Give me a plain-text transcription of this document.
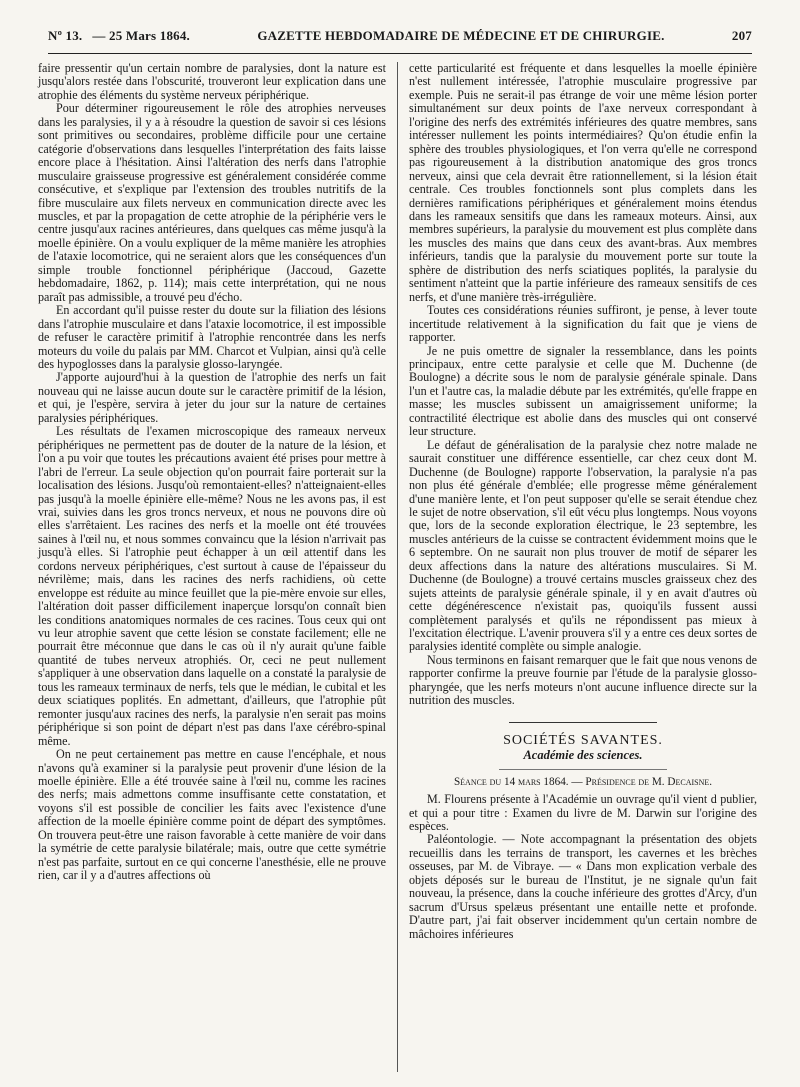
Nº 13. — 25 Mars 1864.	GAZETTE HEBDOMADAIRE DE MÉDECINE ET DE CHIRURGIE.	207

faire pressentir qu'un certain nombre de paralysies, dont la nature est jusqu'alors restée dans l'obscurité, trouveront leur explication dans une atrophie des éléments du système nerveux périphérique.

Pour déterminer rigoureusement le rôle des atrophies nerveuses dans les paralysies, il y a à résoudre la question de savoir si ces lésions sont primitives ou secondaires, problème difficile pour une certaine catégorie d'observations dans lesquelles l'interprétation des faits laisse encore place à l'hésitation. Ainsi l'altération des nerfs dans l'atrophie musculaire graisseuse progressive est généralement considérée comme consécutive, et s'explique par l'extension des troubles nutritifs de la fibre musculaire aux filets nerveux en communication directe avec les muscles, et par la propagation de cette atrophie de la périphérie vers le centre jusqu'aux racines antérieures, dans quelques cas même jusqu'à la moelle épinière. On a voulu expliquer de la même manière les atrophies de l'ataxie locomotrice, qui ne seraient alors que les conséquences d'un simple trouble fonctionnel périphérique (Jaccoud, Gazette hebdomadaire, 1862, p. 114); mais cette interprétation, qui ne nous paraît pas admissible, a trouvé peu d'écho.

En accordant qu'il puisse rester du doute sur la filiation des lésions dans l'atrophie musculaire et dans l'ataxie locomotrice, il est impossible de refuser le caractère primitif à l'atrophie rencontrée dans les nerfs moteurs du voile du palais par MM. Charcot et Vulpian, ainsi qu'à celle des hypoglosses dans la paralysie glosso-laryngée.

J'apporte aujourd'hui à la question de l'atrophie des nerfs un fait nouveau qui ne laisse aucun doute sur le caractère primitif de la lésion, et qui, je l'espère, servira à jeter du jour sur la nature de certaines paralysies périphériques.

Les résultats de l'examen microscopique des rameaux nerveux périphériques ne permettent pas de douter de la nature de la lésion, et l'on a pu voir que toutes les précautions avaient été prises pour mettre à l'abri de l'erreur. La seule objection qu'on pourrait faire porterait sur la localisation des lésions. Jusqu'où remontaient-elles? n'atteignaient-elles pas jusqu'à la moelle épinière elle-même? Nous ne les avons pas, il est vrai, suivies dans les gros troncs nerveux, et nous ne pouvons dire où elles s'arrêtaient. Les racines des nerfs et la moelle ont été trouvées saines à l'œil nu, et nous sommes convaincu que la lésion n'arrivait pas jusqu'à elles. Si l'atrophie peut échapper à un œil attentif dans les cordons nerveux périphériques, c'est surtout à cause de l'épaisseur du névrilème; mais, dans les racines des nerfs rachidiens, où cette enveloppe est réduite au mince feuillet que la pie-mère envoie sur elles, l'altération doit passer difficilement inaperçue lorsqu'on connaît bien les conditions anatomiques normales de ces racines. Tous ceux qui ont vu leur atrophie savent que cette lésion se constate facilement; elle ne pourrait être méconnue que dans le cas où il n'y aurait qu'une faible quantité de tubes nerveux atrophiés. Or, ceci ne peut nullement s'appliquer à une observation dans laquelle on a constaté la paralysie de tous les rameaux terminaux de nerfs, tels que le médian, le cubital et les deux sciatiques poplités. En admettant, d'ailleurs, que l'atrophie pût remonter jusqu'aux racines des nerfs, la paralysie n'en serait pas moins périphérique si son point de départ n'est pas dans l'axe cérébro-spinal même.

On ne peut certainement pas mettre en cause l'encéphale, et nous n'avons qu'à examiner si la paralysie peut provenir d'une lésion de la moelle épinière. Elle a été trouvée saine à l'œil nu, comme les racines des nerfs; mais admettons comme insuffisante cette constatation, et voyons s'il est possible de concilier les faits avec l'existence d'une affection de la moelle épinière comme point de départ des symptômes. On trouvera peut-être une raison favorable à cette manière de voir dans la symétrie de cette paralysie bilatérale; mais, outre que cette symétrie n'est pas parfaite, surtout en ce qui concerne l'anesthésie, elle ne prouve rien, car il y a d'autres affections où

cette particularité est fréquente et dans lesquelles la moelle épinière n'est nullement intéressée, l'atrophie musculaire progressive par exemple. Puis ne serait-il pas étrange de voir une même lésion porter simultanément sur deux points de l'axe nerveux correspondant à l'origine des nerfs des extrémités inférieures des quatre membres, sans intéresser nullement les points intermédiaires? Qu'on étudie enfin la sphère des troubles physiologiques, et l'on verra qu'elle ne correspond pas rigoureusement à la distribution anatomique des gros troncs nerveux, ainsi que cela devrait être rationnellement, si la lésion était centrale. Ces troubles fonctionnels sont plus complets dans les dernières ramifications périphériques et généralement moins étendus dans les rameaux sensitifs que dans les rameaux moteurs. Ainsi, aux membres supérieurs, la paralysie du mouvement est plus complète dans les muscles des mains que dans ceux des avant-bras. Aux membres inférieurs, tandis que la paralysie du mouvement porte sur toute la sphère de distribution des nerfs sciatiques poplités, la paralysie du sentiment n'atteint que la partie inférieure des rameaux sensitifs de ces nerfs, et d'une manière très-irrégulière.

Toutes ces considérations réunies suffiront, je pense, à lever toute incertitude relativement à la signification du fait que je viens de rapporter.

Je ne puis omettre de signaler la ressemblance, dans les points principaux, entre cette paralysie et celle que M. Duchenne (de Boulogne) a décrite sous le nom de paralysie générale spinale. Dans l'un et l'autre cas, la maladie débute par les extrémités, qu'elle frappe en masse; les muscles subissent un amaigrissement uniforme; la contractilité électrique est abolie dans des muscles qui ont conservé leur structure.

Le défaut de généralisation de la paralysie chez notre malade ne saurait constituer une différence essentielle, car chez ceux dont M. Duchenne (de Boulogne) rapporte l'observation, la paralysie n'a pas non plus été générale d'emblée; elle progresse même généralement d'une manière lente, et l'on peut supposer qu'elle se serait étendue chez le sujet de notre observation, s'il eût vécu plus longtemps. Nous voyons que, lors de la seconde exploration électrique, le 23 septembre, les muscles antérieurs de la cuisse se contractent évidemment moins que le 6 septembre. On ne saurait non plus trouver de motif de séparer les deux affections dans la nature des altérations musculaires. Si M. Duchenne (de Boulogne) a trouvé certains muscles graisseux chez des sujets atteints de paralysie générale spinale, il y en avait d'autres où cette dégénérescence n'existait pas, quoiqu'ils fussent aussi complètement paralysés et qu'ils ne répondissent pas mieux à l'excitation électrique. L'avenir prouvera s'il y a entre ces deux sortes de paralysies identité complète ou simple analogie.

Nous terminons en faisant remarquer que le fait que nous venons de rapporter confirme la preuve fournie par l'étude de la paralysie glosso-pharyngée, que les nerfs moteurs n'ont aucune influence directe sur la nutrition des muscles.

SOCIÉTÉS SAVANTES.
Académie des sciences.
Séance du 14 mars 1864. — Présidence de M. Decaisne.

M. Flourens présente à l'Académie un ouvrage qu'il vient d publier, et qui a pour titre : Examen du livre de M. Darwin sur l'origine des espèces.

Paléontologie. — Note accompagnant la présentation des objets recueillis dans les terrains de transport, les cavernes et les brèches osseuses, par M. de Vibraye. — « Dans mon explication verbale des objets déposés sur le bureau de l'Institut, je ne signale qu'un fait nouveau, la présence, dans la couche inférieure des grottes d'Arcy, d'un sacrum d'Ursus spelæus présentant une entaille nette et profonde. D'autre part, j'ai fait observer incidemment qu'un certain nombre de mâchoires inférieures
